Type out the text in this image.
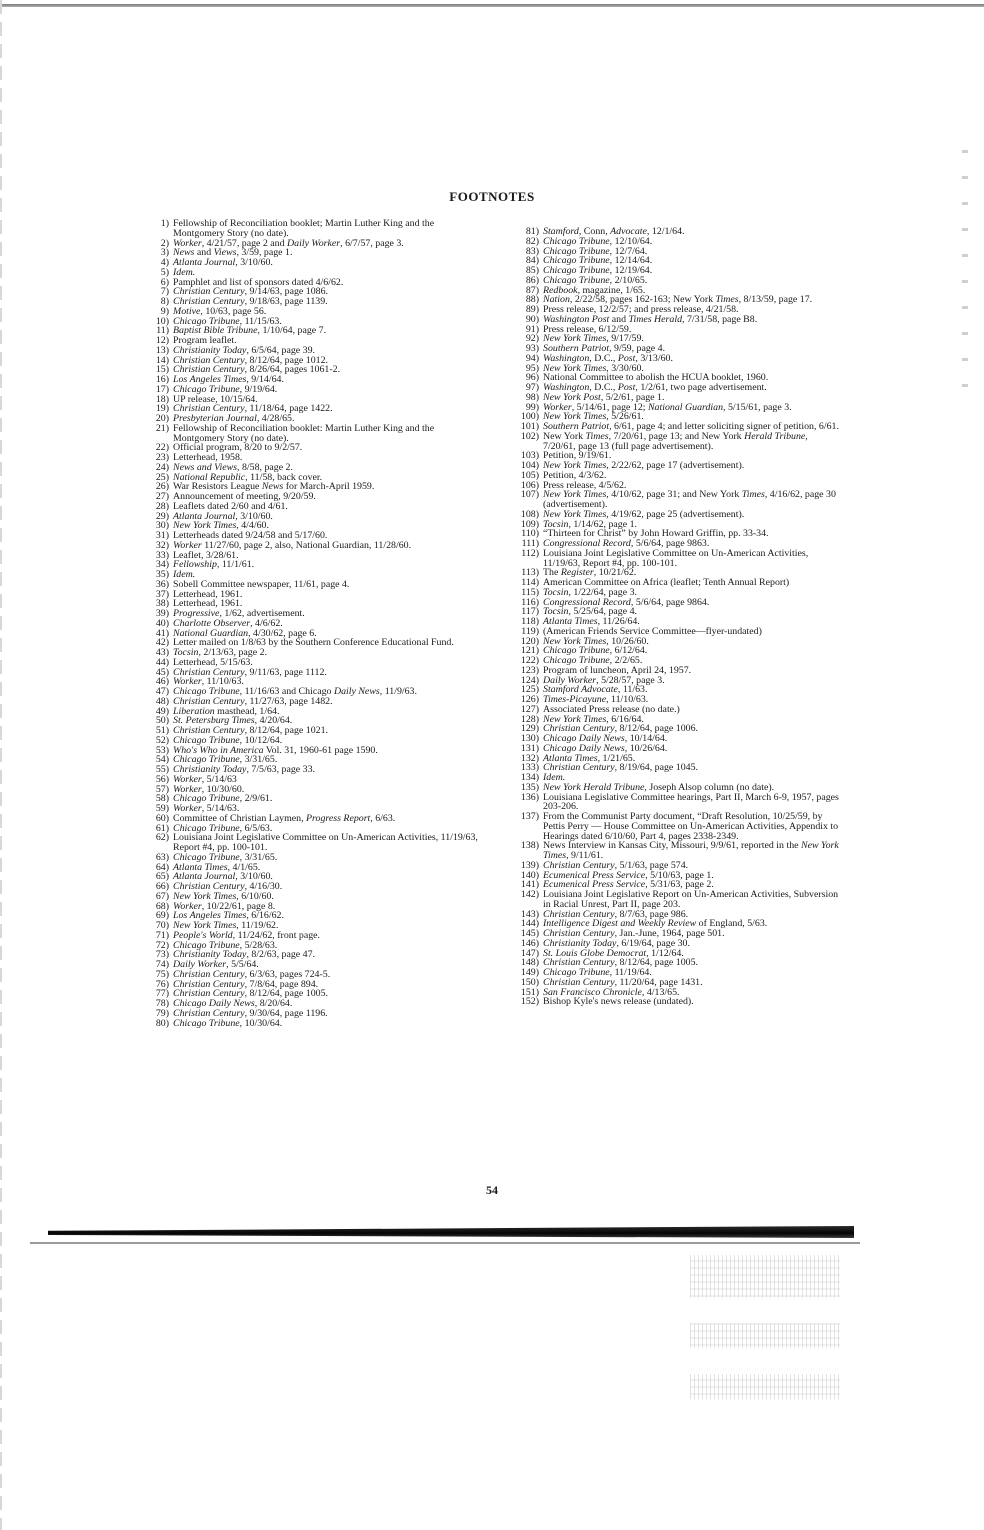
FOOTNOTES
1) Fellowship of Reconciliation booklet; Martin Luther King and the Montgomery Story (no date).
2) Worker, 4/21/57, page 2 and Daily Worker, 6/7/57, page 3.
3) News and Views, 3/59, page 1.
4) Atlanta Journal, 3/10/60.
5) Idem.
6) Pamphlet and list of sponsors dated 4/6/62.
7) Christian Century, 9/14/63, page 1086.
8) Christian Century, 9/18/63, page 1139.
9) Motive, 10/63, page 56.
10) Chicago Tribune, 11/15/63.
11) Baptist Bible Tribune, 1/10/64, page 7.
12) Program leaflet.
13) Christianity Today, 6/5/64, page 39.
14) Christian Century, 8/12/64, page 1012.
15) Christian Century, 8/26/64, pages 1061-2.
16) Los Angeles Times, 9/14/64.
17) Chicago Tribune, 9/19/64.
18) UP release, 10/15/64.
19) Christian Century, 11/18/64, page 1422.
20) Presbyterian Journal, 4/28/65.
21) Fellowship of Reconciliation booklet: Martin Luther King and the Montgomery Story (no date).
22) Official program, 8/20 to 9/2/57.
23) Letterhead, 1958.
24) News and Views, 8/58, page 2.
25) National Republic, 11/58, back cover.
26) War Resistors League News for March-April 1959.
27) Announcement of meeting, 9/20/59.
28) Leaflets dated 2/60 and 4/61.
29) Atlanta Journal, 3/10/60.
30) New York Times, 4/4/60.
31) Letterheads dated 9/24/58 and 5/17/60.
32) Worker 11/27/60, page 2, also, National Guardian, 11/28/60.
33) Leaflet, 3/28/61.
34) Fellowship, 11/1/61.
35) Idem.
36) Sobell Committee newspaper, 11/61, page 4.
37) Letterhead, 1961.
38) Letterhead, 1961.
39) Progressive, 1/62, advertisement.
40) Charlotte Observer, 4/6/62.
41) National Guardian, 4/30/62, page 6.
42) Letter mailed on 1/8/63 by the Southern Conference Educational Fund.
43) Tocsin, 2/13/63, page 2.
44) Letterhead, 5/15/63.
45) Christian Century, 9/11/63, page 1112.
46) Worker, 11/10/63.
47) Chicago Tribune, 11/16/63 and Chicago Daily News, 11/9/63.
48) Christian Century, 11/27/63, page 1482.
49) Liberation masthead, 1/64.
50) St. Petersburg Times, 4/20/64.
51) Christian Century, 8/12/64, page 1021.
52) Chicago Tribune, 10/12/64.
53) Who's Who in America Vol. 31, 1960-61 page 1590.
54) Chicago Tribune, 3/31/65.
55) Christianity Today, 7/5/63, page 33.
56) Worker, 5/14/63
57) Worker, 10/30/60.
58) Chicago Tribune, 2/9/61.
59) Worker, 5/14/63.
60) Committee of Christian Laymen, Progress Report, 6/63.
61) Chicago Tribune, 6/5/63.
62) Louisiana Joint Legislative Committee on Un-American Activities, 11/19/63, Report #4, pp. 100-101.
63) Chicago Tribune, 3/31/65.
64) Atlanta Times, 4/1/65.
65) Atlanta Journal, 3/10/60.
66) Christian Century, 4/16/30.
67) New York Times, 6/10/60.
68) Worker, 10/22/61, page 8.
69) Los Angeles Times, 6/16/62.
70) New York Times, 11/19/62.
71) People's World, 11/24/62, front page.
72) Chicago Tribune, 5/28/63.
73) Christianity Today, 8/2/63, page 47.
74) Daily Worker, 5/5/64.
75) Christian Century, 6/3/63, pages 724-5.
76) Christian Century, 7/8/64, page 894.
77) Christian Century, 8/12/64, page 1005.
78) Chicago Daily News, 8/20/64.
79) Christian Century, 9/30/64, page 1196.
80) Chicago Tribune, 10/30/64.
81) Stamford, Conn, Advocate, 12/1/64.
82) Chicago Tribune, 12/10/64.
83) Chicago Tribune, 12/7/64.
84) Chicago Tribune, 12/14/64.
85) Chicago Tribune, 12/19/64.
86) Chicago Tribune, 2/10/65.
87) Redbook, magazine, 1/65.
88) Nation, 2/22/58, pages 162-163; New York Times, 8/13/59, page 17.
89) Press release, 12/2/57; and press release, 4/21/58.
90) Washington Post and Times Herald, 7/31/58, page B8.
91) Press release, 6/12/59.
92) New York Times, 9/17/59.
93) Southern Patriot, 9/59, page 4.
94) Washington, D.C., Post, 3/13/60.
95) New York Times, 3/30/60.
96) National Committee to abolish the HCUA booklet, 1960.
97) Washington, D.C., Post, 1/2/61, two page advertisement.
98) New York Post, 5/2/61, page 1.
99) Worker, 5/14/61, page 12; National Guardian, 5/15/61, page 3.
100) New York Times, 5/26/61.
101) Southern Patriot, 6/61, page 4; and letter soliciting signer of petition, 6/61.
102) New York Times, 7/20/61, page 13; and New York Herald Tribune, 7/20/61, page 13 (full page advertisement).
103) Petition, 9/19/61.
104) New York Times, 2/22/62, page 17 (advertisement).
105) Petition, 4/3/62.
106) Press release, 4/5/62.
107) New York Times, 4/10/62, page 31; and New York Times, 4/16/62, page 30 (advertisement).
108) New York Times, 4/19/62, page 25 (advertisement).
109) Tocsin, 1/14/62, page 1.
110) “Thirteen for Christ” by John Howard Griffin, pp. 33-34.
111) Congressional Record, 5/6/64, page 9863.
112) Louisiana Joint Legislative Committee on Un-American Activities, 11/19/63, Report #4, pp. 100-101.
113) The Register, 10/21/62.
114) American Committee on Africa (leaflet; Tenth Annual Report)
115) Tocsin, 1/22/64, page 3.
116) Congressional Record, 5/6/64, page 9864.
117) Tocsin, 5/25/64, page 4.
118) Atlanta Times, 11/26/64.
119) (American Friends Service Committee—flyer-undated)
120) New York Times, 10/26/60.
121) Chicago Tribune, 6/12/64.
122) Chicago Tribune, 2/2/65.
123) Program of luncheon, April 24, 1957.
124) Daily Worker, 5/28/57, page 3.
125) Stamford Advocate, 11/63.
126) Times-Picayune, 11/10/63.
127) Associated Press release (no date.)
128) New York Times, 6/16/64.
129) Christian Century, 8/12/64, page 1006.
130) Chicago Daily News, 10/14/64.
131) Chicago Daily News, 10/26/64.
132) Atlanta Times, 1/21/65.
133) Christian Century, 8/19/64, page 1045.
134) Idem.
135) New York Herald Tribune, Joseph Alsop column (no date).
136) Louisiana Legislative Committee hearings, Part II, March 6-9, 1957, pages 203-206.
137) From the Communist Party document, “Draft Resolution, 10/25/59, by Pettis Perry — House Committee on Un-American Activities, Appendix to Hearings dated 6/10/60, Part 4, pages 2338-2349.
138) News Interview in Kansas City, Missouri, 9/9/61, reported in the New York Times, 9/11/61.
139) Christian Century, 5/1/63, page 574.
140) Ecumenical Press Service, 5/10/63, page 1.
141) Ecumenical Press Service, 5/31/63, page 2.
142) Louisiana Joint Legislative Report on Un-American Activities, Subversion in Racial Unrest, Part II, page 203.
143) Christian Century, 8/7/63, page 986.
144) Intelligence Digest and Weekly Review of England, 5/63.
145) Christian Century, Jan.-June, 1964, page 501.
146) Christianity Today, 6/19/64, page 30.
147) St. Louis Globe Democrat, 1/12/64.
148) Christian Century, 8/12/64, page 1005.
149) Chicago Tribune, 11/19/64.
150) Christian Century, 11/20/64, page 1431.
151) San Francisco Chronicle, 4/13/65.
152) Bishop Kyle's news release (undated).
54
